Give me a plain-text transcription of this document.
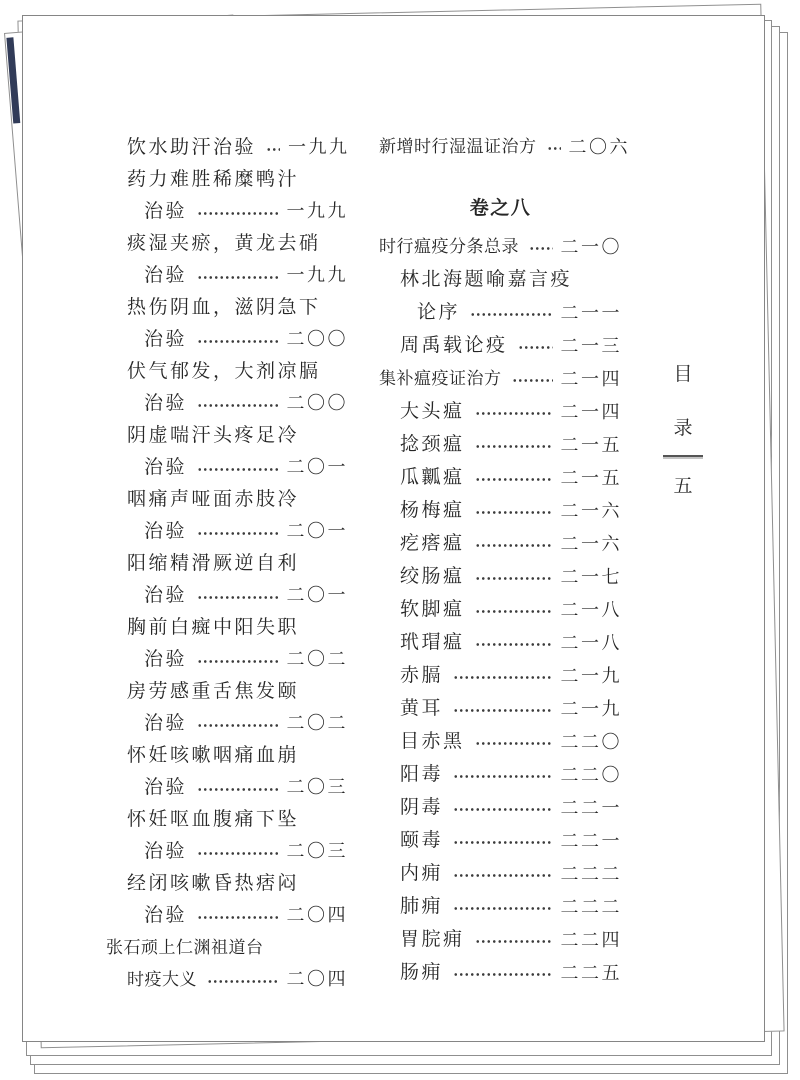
饮水助汗治验 一九九
药力难胜稀糜鸭汁
治验	一九九
痰湿夹瘀，黄龙去硝
治验	一九九
热伤阴血，滋阴急下
治验	二〇〇
伏气郁发，大剂凉膈
治验	二〇〇
阴虚喘汗头疼足冷
治验	二〇一
咽痛声哑面赤肢冷
治验	二〇一
阳缩精滑厥逆自利
治验	二〇一
胸前白癍中阳失职
治验	二〇二
房劳感重舌焦发颐
治验	二〇二
怀妊咳嗽咽痛血崩
治验	二〇三
怀妊呕血腹痛下坠
治验	二〇三
经闭咳嗽昏热痞闷
治验	二〇四
张石顽上仁渊祖道台
时疫大义	二〇四
新增时行湿温证治方 二〇六
卷之八
时行瘟疫分条总录 二一〇
林北海题喻嘉言疫
论序	二一一
周禹载论疫	二一三
集补瘟疫证治方	二一四
大头瘟	二一四
捻颈瘟	二一五
瓜瓤瘟	二一五
杨梅瘟	二一六
疙瘩瘟	二一六
绞肠瘟	二一七
软脚瘟	二一八
玳瑁瘟	二一八
赤膈	二一九
黄耳	二一九
目赤黑	二二〇
阳毒	二二〇
阴毒	二二一
颐毒	二二一
内痈	二二二
肺痈	二二二
胃脘痈	二二四
肠痈	二二五
目
录
五
